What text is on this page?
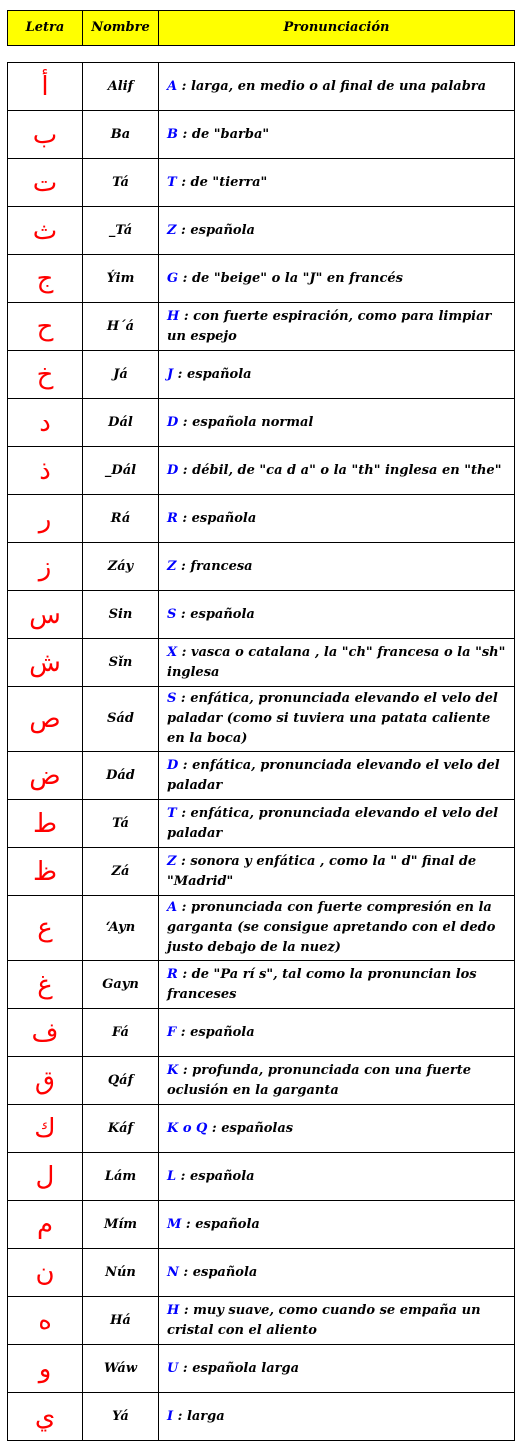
Letra	Nombre	Pronunciación
أ	Alif	A : larga, en medio o al final de una palabra
ب	Ba	B : de "barba"
ت	Tá	T : de "tierra"
ث	_Tá	Z : española
ج	Ýim	G : de "beige" o la "J" en francés
ح	H´á	H : con fuerte espiración, como para limpiar un espejo
خ	Já	J : española
د	Dál	D : española normal
ذ	_Dál	D : débil, de "ca d a" o la "th" inglesa en "the"
ر	Rá	R : española
ز	Záy	Z : francesa
س	Sin	S : española
ش	Sǐn	X : vasca o catalana , la "ch" francesa o la "sh" inglesa
ص	Sád	S : enfática, pronunciada elevando el velo del paladar (como si tuviera una patata caliente en la boca)
ض	Dád	D : enfática, pronunciada elevando el velo del paladar
ط	Tá	T : enfática, pronunciada elevando el velo del paladar
ظ	Zá	Z : sonora y enfática , como la " d" final de "Madrid"
ع	‘Ayn	A : pronunciada con fuerte compresión en la garganta (se consigue apretando con el dedo justo debajo de la nuez)
غ	Gayn	R : de "Pa rí s", tal como la pronuncian los franceses
ف	Fá	F : española
ق	Qáf	K : profunda, pronunciada con una fuerte oclusión en la garganta
ك	Káf	K o Q : españolas
ل	Lám	L : española
م	Mím	M : española
ن	Nún	N : española
ه	Há	H : muy suave, como cuando se empaña un cristal con el aliento
و	Wáw	U : española larga
ي	Yá	I : larga
